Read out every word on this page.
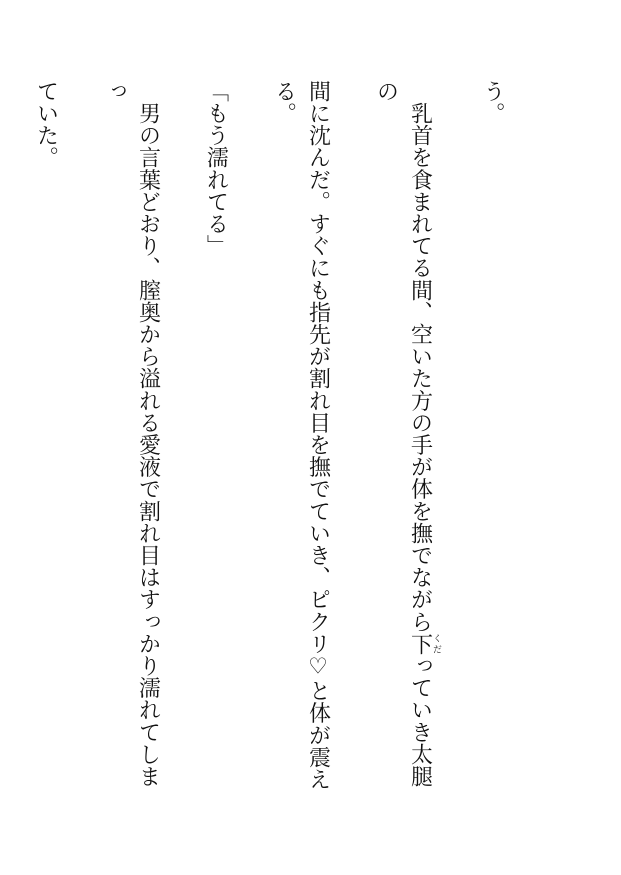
う。

　乳首を食まれてる間、空いた方の手が体を撫でながら下くだっていき太腿の

間に沈んだ。すぐにも指先が割れ目を撫でていき、ピクリ♡と体が震える。

「もう濡れてる」

　男の言葉どおり、膣奥から溢れる愛液で割れ目はすっかり濡れてしまっ

ていた。
